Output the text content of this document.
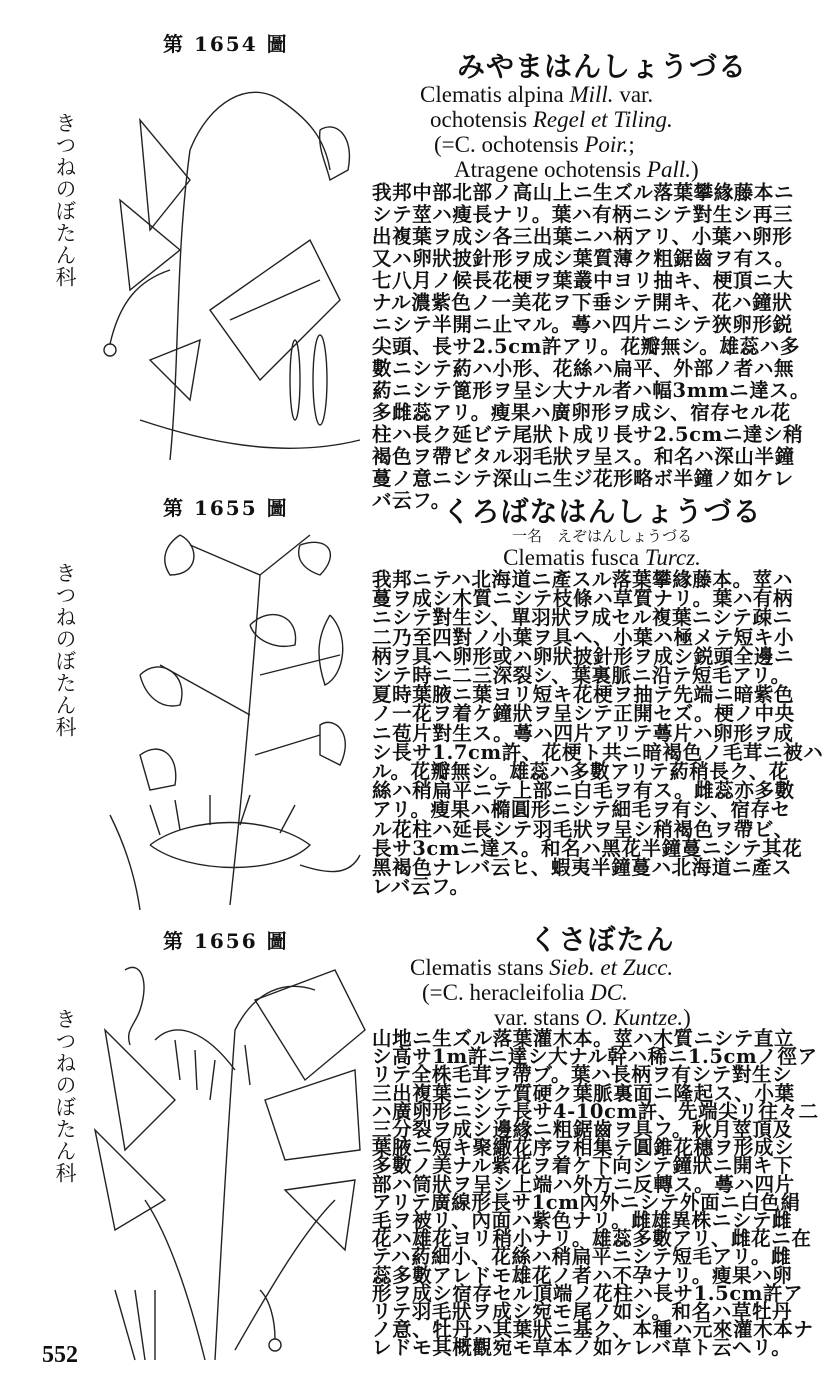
第 1654 圖
きつねのぼたん科
みやまはんしょうづる
Clematis alpina Mill. var.
ochotensis Regel et Tiling.
(=C. ochotensis Poir.;
Atragene ochotensis Pall.)
我邦中部北部ノ高山上ニ生ズル落葉攀緣藤本ニ
シテ莖ハ瘦長ナリ。葉ハ有柄ニシテ對生シ再三
出複葉ヲ成シ各三出葉ニハ柄アリ、小葉ハ卵形
又ハ卵狀披針形ヲ成シ葉質薄ク粗鋸齒ヲ有ス。
七八月ノ候長花梗ヲ葉叢中ヨリ抽キ、梗頂ニ大
ナル濃紫色ノ一美花ヲ下垂シテ開キ、花ハ鐘狀
ニシテ半開ニ止マル。蕚ハ四片ニシテ狹卵形鋭
尖頭、長サ2.5cm許アリ。花瓣無シ。雄蕊ハ多
數ニシテ葯ハ小形、花絲ハ扁平、外部ノ者ハ無
葯ニシテ篦形ヲ呈シ大ナル者ハ幅3mmニ達ス。
多雌蕊アリ。瘦果ハ廣卵形ヲ成シ、宿存セル花
柱ハ長ク延ビテ尾狀ト成リ長サ2.5cmニ達シ稍
褐色ヲ帶ビタル羽毛狀ヲ呈ス。和名ハ深山半鐘
蔓ノ意ニシテ深山ニ生ジ花形略ボ半鐘ノ如ケレ
バ云フ。
第 1655 圖
きつねのぼたん科
くろばなはんしょうづる
一名　えぞはんしょうづる
Clematis fusca Turcz.
我邦ニテハ北海道ニ產スル落葉攀緣藤本。莖ハ
蔓ヲ成シ木質ニシテ枝條ハ草質ナリ。葉ハ有柄
ニシテ對生シ、單羽狀ヲ成セル複葉ニシテ疎ニ
二乃至四對ノ小葉ヲ具ヘ、小葉ハ極メテ短キ小
柄ヲ具ヘ卵形或ハ卵狀披針形ヲ成シ鋭頭全邊ニ
シテ時ニ二三深裂シ、葉裏脈ニ沿テ短毛アリ。
夏時葉腋ニ葉ヨリ短キ花梗ヲ抽テ先端ニ暗紫色
ノ一花ヲ着ケ鐘狀ヲ呈シテ正開セズ。梗ノ中央
ニ苞片對生ス。蕚ハ四片アリテ蕚片ハ卵形ヲ成
シ長サ1.7cm許、花梗ト共ニ暗褐色ノ毛茸ニ被ハ
ル。花瓣無シ。雄蕊ハ多數アリテ葯稍長ク、花
絲ハ稍扁平ニテ上部ニ白毛ヲ有ス。雌蕊亦多數
アリ。瘦果ハ橢圓形ニシテ細毛ヲ有シ、宿存セ
ル花柱ハ延長シテ羽毛狀ヲ呈シ稍褐色ヲ帶ビ、
長サ3cmニ達ス。和名ハ黑花半鐘蔓ニシテ其花
黑褐色ナレバ云ヒ、蝦夷半鐘蔓ハ北海道ニ產ス
レバ云フ。
第 1656 圖
きつねのぼたん科
くさぼたん
Clematis stans Sieb. et Zucc.
(=C. heracleifolia DC.
var. stans O. Kuntze.)
山地ニ生ズル落葉灌木本。莖ハ木質ニシテ直立
シ高サ1m許ニ達シ大ナル幹ハ稀ニ1.5cmノ徑ア
リテ全株毛茸ヲ帶ブ。葉ハ長柄ヲ有シテ對生シ
三出複葉ニシテ質硬ク葉脈裏面ニ隆起ス、小葉
ハ廣卵形ニシテ長サ4-10cm許、先端尖リ往々二
三分裂ヲ成シ邊緣ニ粗鋸齒ヲ具フ。秋月莖頂及
葉腋ニ短キ聚繖花序ヲ相集テ圓錐花穗ヲ形成シ
多數ノ美ナル紫花ヲ着ケ下向シテ鐘狀ニ開キ下
部ハ筒狀ヲ呈シ上端ハ外方ニ反轉ス。蕚ハ四片
アリテ廣線形長サ1cm內外ニシテ外面ニ白色絹
毛ヲ被リ、內面ハ紫色ナリ。雌雄異株ニシテ雌
花ハ雄花ヨリ稍小ナリ。雄蕊多數アリ、雌花ニ在
テハ葯細小、花絲ハ稍扁平ニシテ短毛アリ。雌
蕊多數アレドモ雄花ノ者ハ不孕ナリ。瘦果ハ卵
形ヲ成シ宿存セル頂端ノ花柱ハ長サ1.5cm許ア
リテ羽毛狀ヲ成シ宛モ尾ノ如シ。和名ハ草牡丹
ノ意、牡丹ハ其葉狀ニ基ク、本種ハ元來灌木本ナ
レドモ其概觀宛モ草本ノ如ケレバ草ト云ヘリ。
552
